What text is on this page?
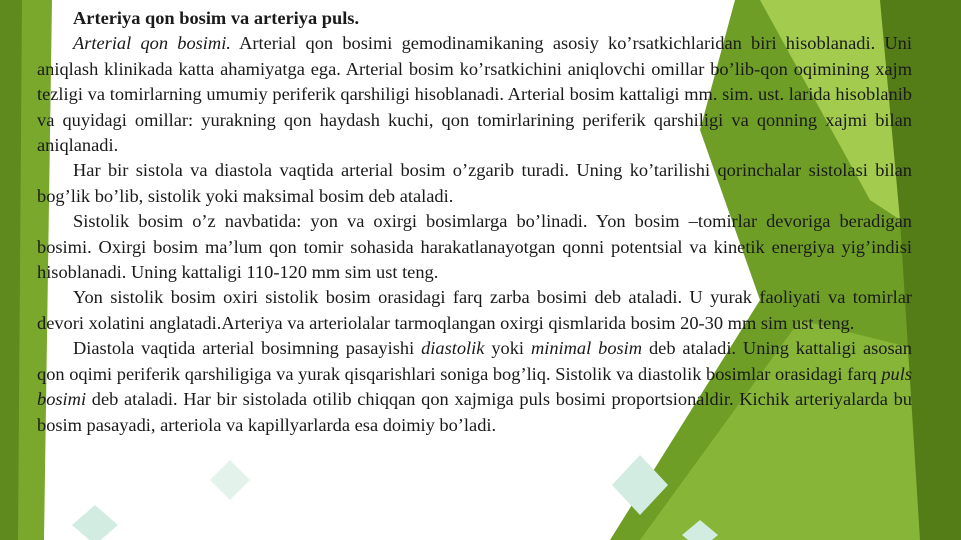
Arteriya qon bosim va arteriya puls.

Arterial qon bosimi. Arterial qon bosimi gemodinamikaning asosiy ko’rsatkichlaridan biri hisoblanadi. Uni aniqlash klinikada katta ahamiyatga ega. Arterial bosim ko’rsatkichini aniqlovchi omillar bo’lib-qon oqimining xajm tezligi va tomirlarning umumiy periferik qarshiligi hisoblanadi. Arterial bosim kattaligi mm. sim. ust. larida hisoblanib va quyidagi omillar: yurakning qon haydash kuchi, qon tomirlarining periferik qarshiligi va qonning xajmi bilan aniqlanadi.

Har bir sistola va diastola vaqtida arterial bosim o’zgarib turadi. Uning ko’tarilishi qorinchalar sistolasi bilan bog’lik bo’lib, sistolik yoki maksimal bosim deb ataladi.

Sistolik bosim o’z navbatida: yon va oxirgi bosimlarga bo’linadi. Yon bosim –tomirlar devoriga beradigan bosimi. Oxirgi bosim ma’lum qon tomir sohasida harakatlanayotgan qonni potentsial va kinetik energiya yig’indisi hisoblanadi. Uning kattaligi 110-120 mm sim ust teng.

Yon sistolik bosim oxiri sistolik bosim orasidagi farq zarba bosimi deb ataladi. U yurak faoliyati va tomirlar devori xolatini anglatadi.Arteriya va arteriolalar tarmoqlangan oxirgi qismlarida bosim 20-30 mm sim ust teng.

Diastola vaqtida arterial bosimning pasayishi diastolik yoki minimal bosim deb ataladi. Uning kattaligi asosan qon oqimi periferik qarshiligiga va yurak qisqarishlari soniga bog’liq. Sistolik va diastolik bosimlar orasidagi farq puls bosimi deb ataladi. Har bir sistolada otilib chiqqan qon xajmiga puls bosimi proportsionaldir. Kichik arteriyalarda bu bosim pasayadi, arteriola va kapillyarlarda esa doimiy bo’ladi.
